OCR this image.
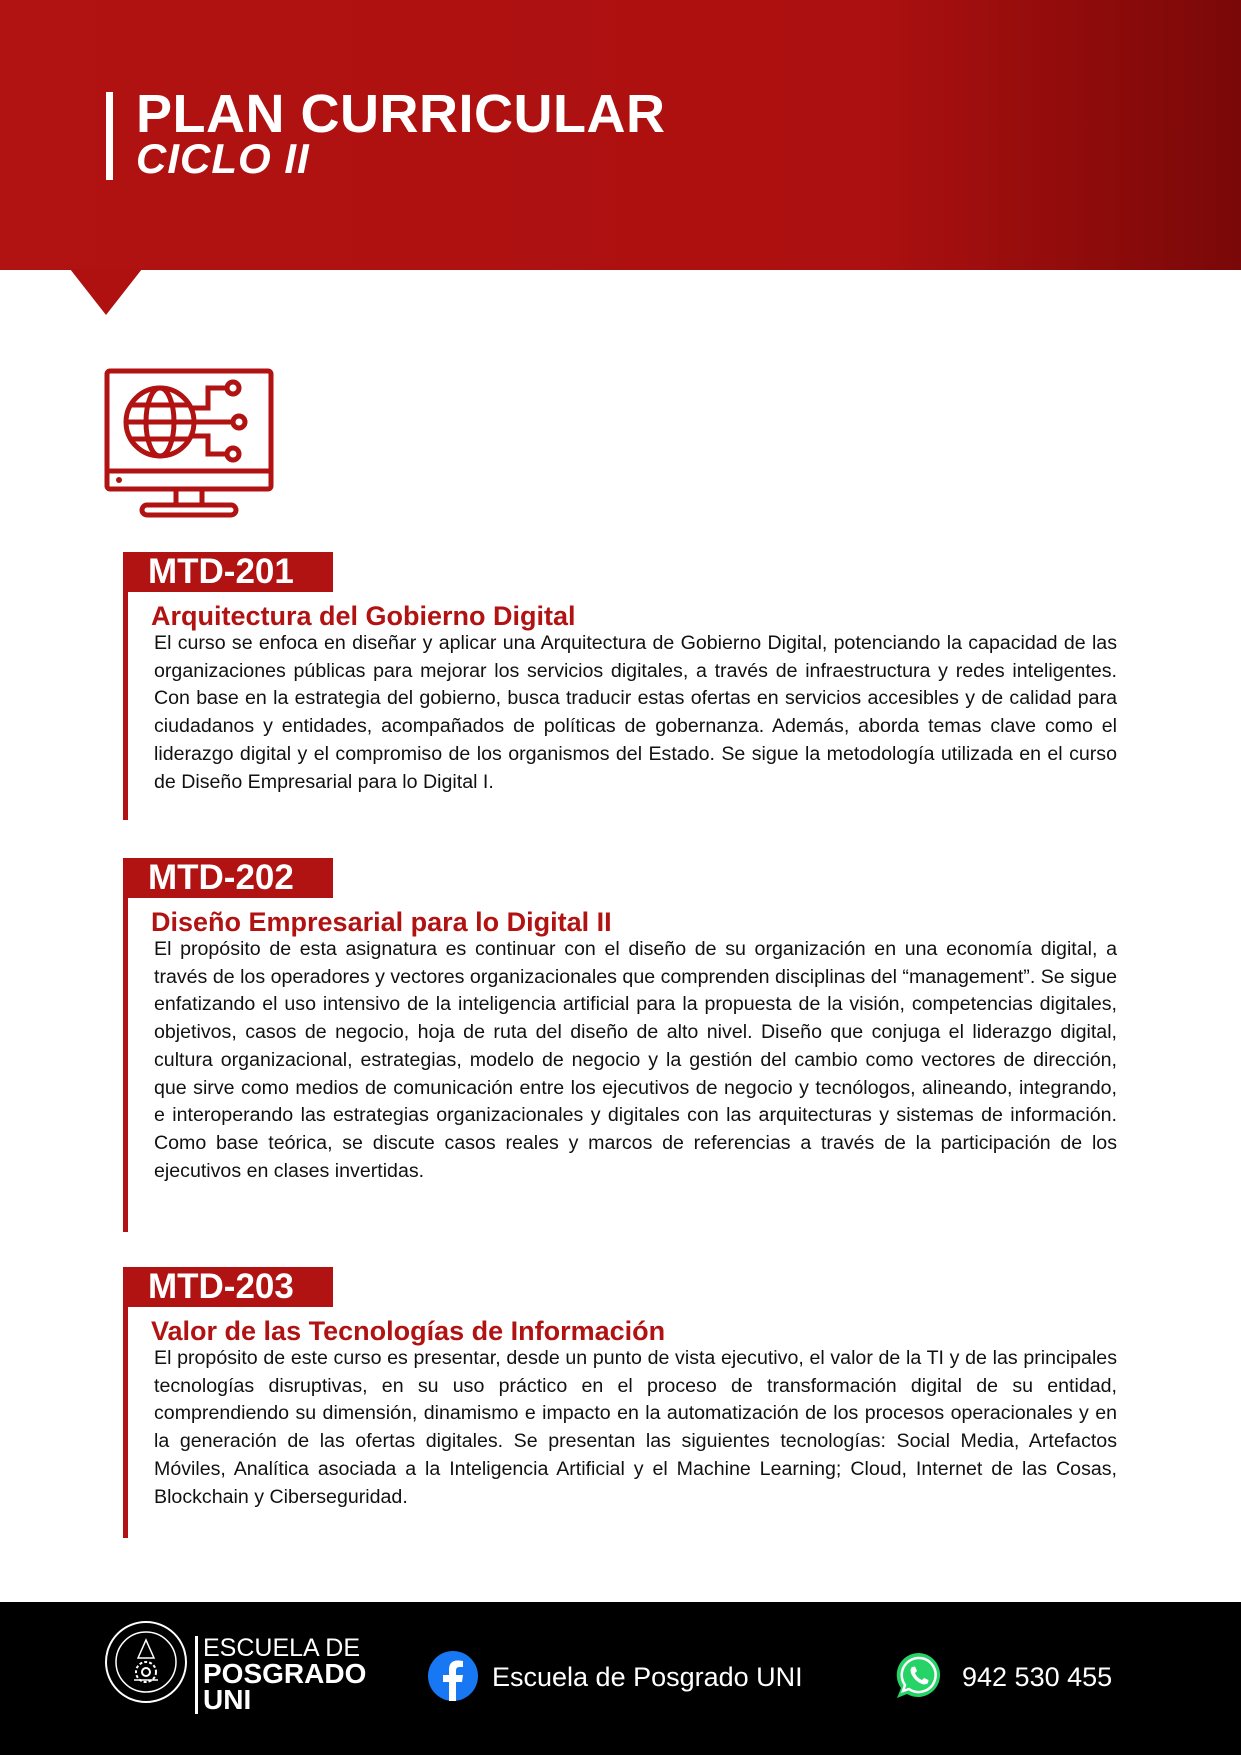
PLAN CURRICULAR
CICLO II
MTD-201
Arquitectura del Gobierno Digital

El curso se enfoca en diseñar y aplicar una Arquitectura de Gobierno Digital, potenciando la capacidad de las organizaciones públicas para mejorar los servicios digitales, a través de infraestructura y redes inteligentes. Con base en la estrategia del gobierno, busca traducir estas ofertas en servicios accesibles y de calidad para ciudadanos y entidades, acompañados de políticas de gobernanza. Además, aborda temas clave como el liderazgo digital y el compromiso de los organismos del Estado. Se sigue la metodología utilizada en el curso de Diseño Empresarial para lo Digital I.

MTD-202
Diseño Empresarial para lo Digital II

El propósito de esta asignatura es continuar con el diseño de su organización en una economía digital, a través de los operadores y vectores organizacionales que comprenden disciplinas del “management”. Se sigue enfatizando el uso intensivo de la inteligencia artificial para la propuesta de la visión, competencias digitales, objetivos, casos de negocio, hoja de ruta del diseño de alto nivel. Diseño que conjuga el liderazgo digital, cultura organizacional, estrategias, modelo de negocio y la gestión del cambio como vectores de dirección, que sirve como medios de comunicación entre los ejecutivos de negocio y tecnólogos, alineando, integrando, e interoperando las estrategias organizacionales y digitales con las arquitecturas y sistemas de información. Como base teórica, se discute casos reales y marcos de referencias a través de la participación de los ejecutivos en clases invertidas.

MTD-203
Valor de las Tecnologías de Información

El propósito de este curso es presentar, desde un punto de vista ejecutivo, el valor de la TI y de las principales tecnologías disruptivas, en su uso práctico en el proceso de transformación digital de su entidad, comprendiendo su dimensión, dinamismo e impacto en la automatización de los procesos operacionales y en la generación de las ofertas digitales. Se presentan las siguientes tecnologías: Social Media, Artefactos Móviles, Analítica asociada a la Inteligencia Artificial y el Machine Learning; Cloud, Internet de las Cosas, Blockchain y Ciberseguridad.

ESCUELA DE
POSGRADO
UNI
Escuela de Posgrado UNI	942 530 455
